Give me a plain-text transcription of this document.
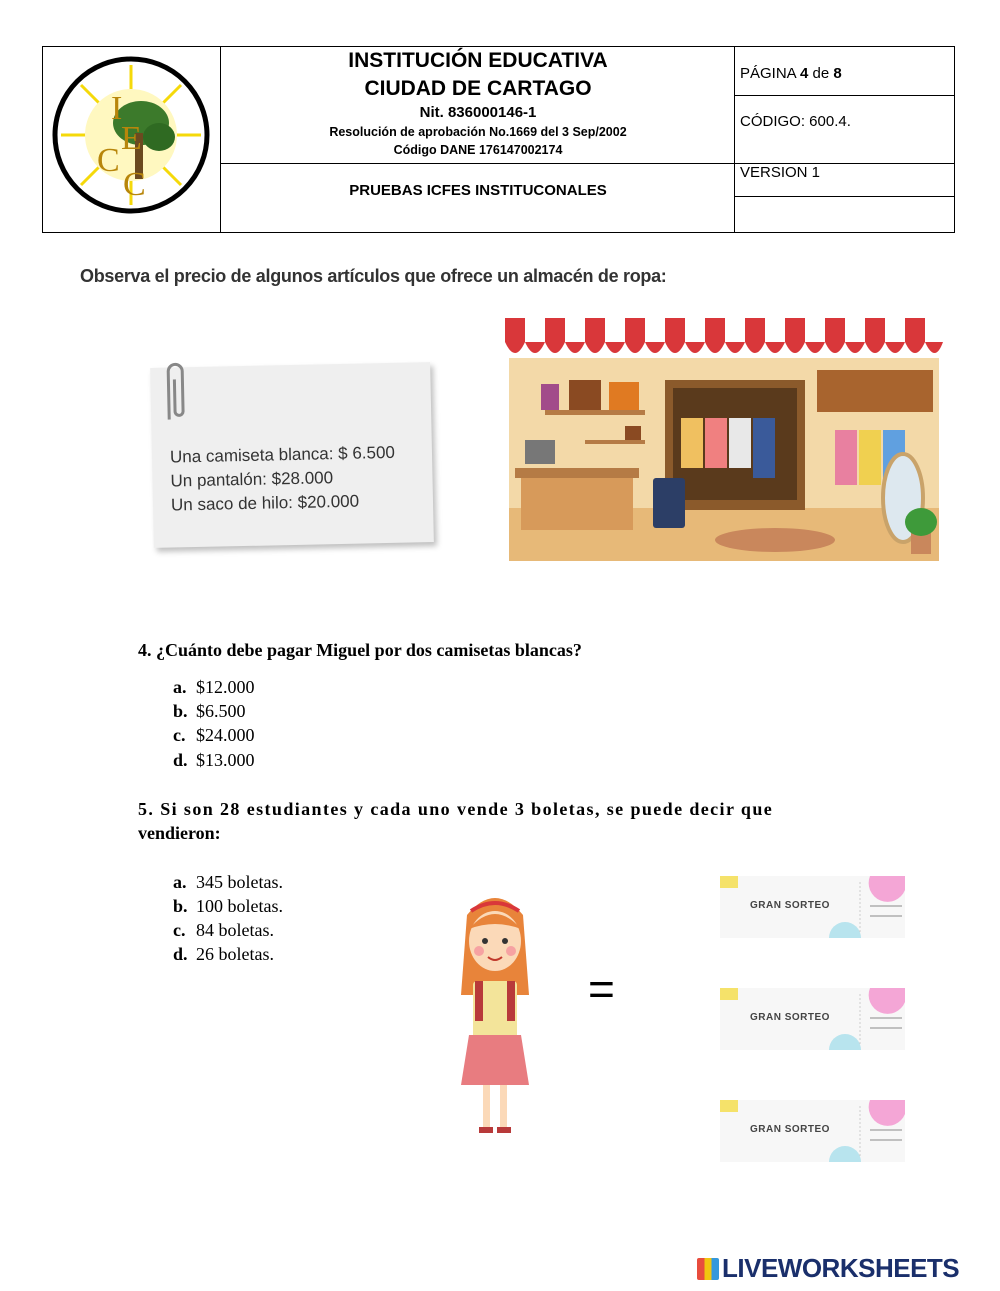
I
E
C
C
INSTITUCIÓN EDUCATIVA
CIUDAD DE CARTAGO
Nit. 836000146-1
Resolución de aprobación No.1669 del 3 Sep/2002
Código DANE 176147002174
PRUEBAS ICFES INSTITUCONALES
PÁGINA 4 de 8
CÓDIGO: 600.4.
VERSION 1
Observa el precio de algunos artículos que ofrece un almacén de ropa:
Una camiseta blanca: $ 6.500
Un pantalón: $28.000
Un saco de hilo: $20.000
4. ¿Cuánto debe pagar Miguel por dos camisetas blancas?
a. $12.000
b. $6.500
c. $24.000
d. $13.000
5. Si son 28 estudiantes y cada uno vende 3 boletas, se puede decir que
vendieron:
a. 345 boletas.
b. 100 boletas.
c. 84 boletas.
d. 26 boletas.
=
GRAN SORTEO
GRAN SORTEO
GRAN SORTEO
LIVEWORKSHEETS
